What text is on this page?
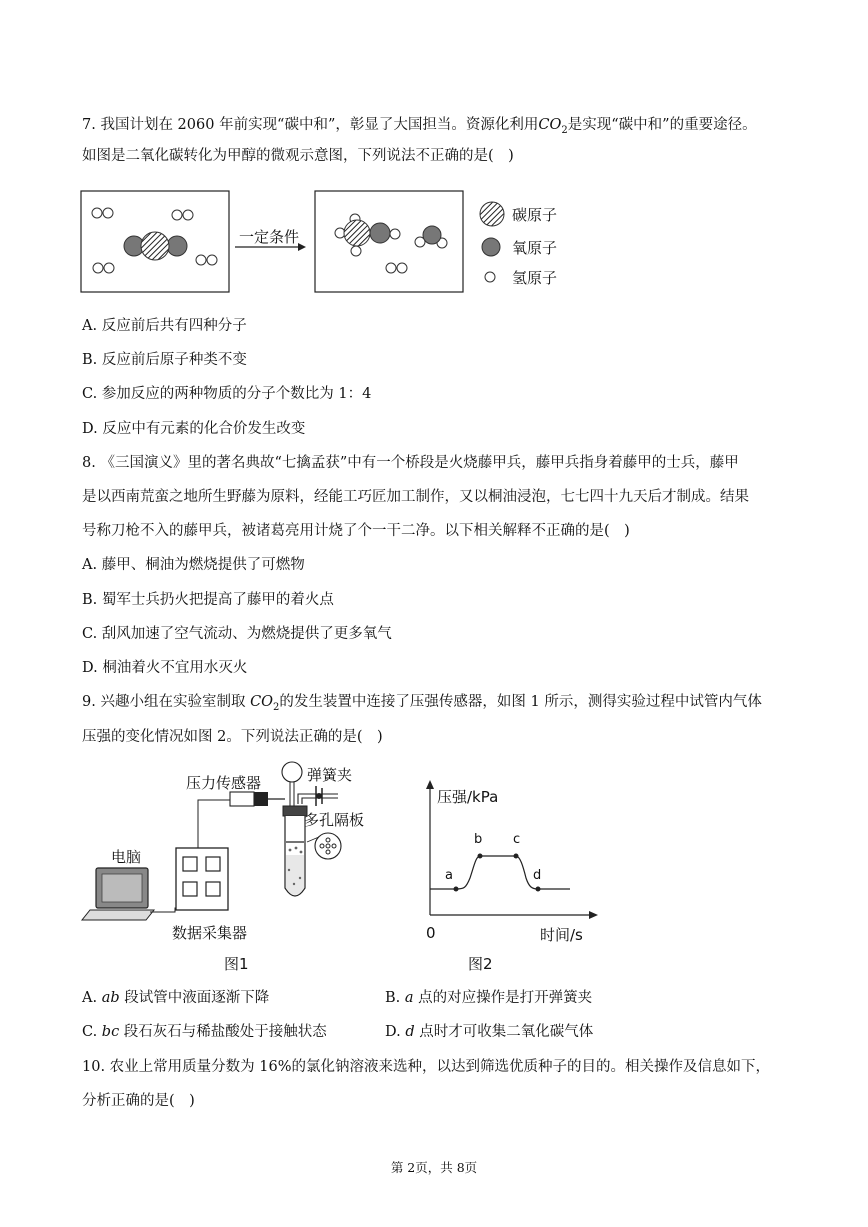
7. 我国计划在 2060 年前实现“碳中和”，彰显了大国担当。资源化利用$CO_2$是实现“碳中和”的重要途径。
如图是二氧化碳转化为甲醇的微观示意图，下列说法不正确的是(　)
一定条件
碳原子
氧原子
氢原子
A. 反应前后共有四种分子
B. 反应前后原子种类不变
C. 参加反应的两种物质的分子个数比为 1：4
D. 反应中有元素的化合价发生改变
8. 《三国演义》里的著名典故“七擒孟获”中有一个桥段是火烧藤甲兵，藤甲兵指身着藤甲的士兵，藤甲
是以西南荒蛮之地所生野藤为原料，经能工巧匠加工制作，又以桐油浸泡，七七四十九天后才制成。结果
号称刀枪不入的藤甲兵，被诸葛亮用计烧了个一干二净。以下相关解释不正确的是(　)
A. 藤甲、桐油为燃烧提供了可燃物
B. 蜀军士兵扔火把提高了藤甲的着火点
C. 刮风加速了空气流动、为燃烧提供了更多氧气
D. 桐油着火不宜用水灭火
9. 兴趣小组在实验室制取 $CO_2$的发生装置中连接了压强传感器，如图 1 所示，测得实验过程中试管内气体
压强的变化情况如图 2。下列说法正确的是(　)
压力传感器	弹簧夹
多孔隔板
电脑
数据采集器
图1
压强/kPa
时间/s
0
a
b c
d
图2
A. ab 段试管中液面逐渐下降	B. a 点的对应操作是打开弹簧夹
C. bc 段石灰石与稀盐酸处于接触状态	D. d 点时才可收集二氧化碳气体
10. 农业上常用质量分数为 16%的氯化钠溶液来选种，以达到筛选优质种子的目的。相关操作及信息如下，
分析正确的是(　)
第 2页，共 8页
